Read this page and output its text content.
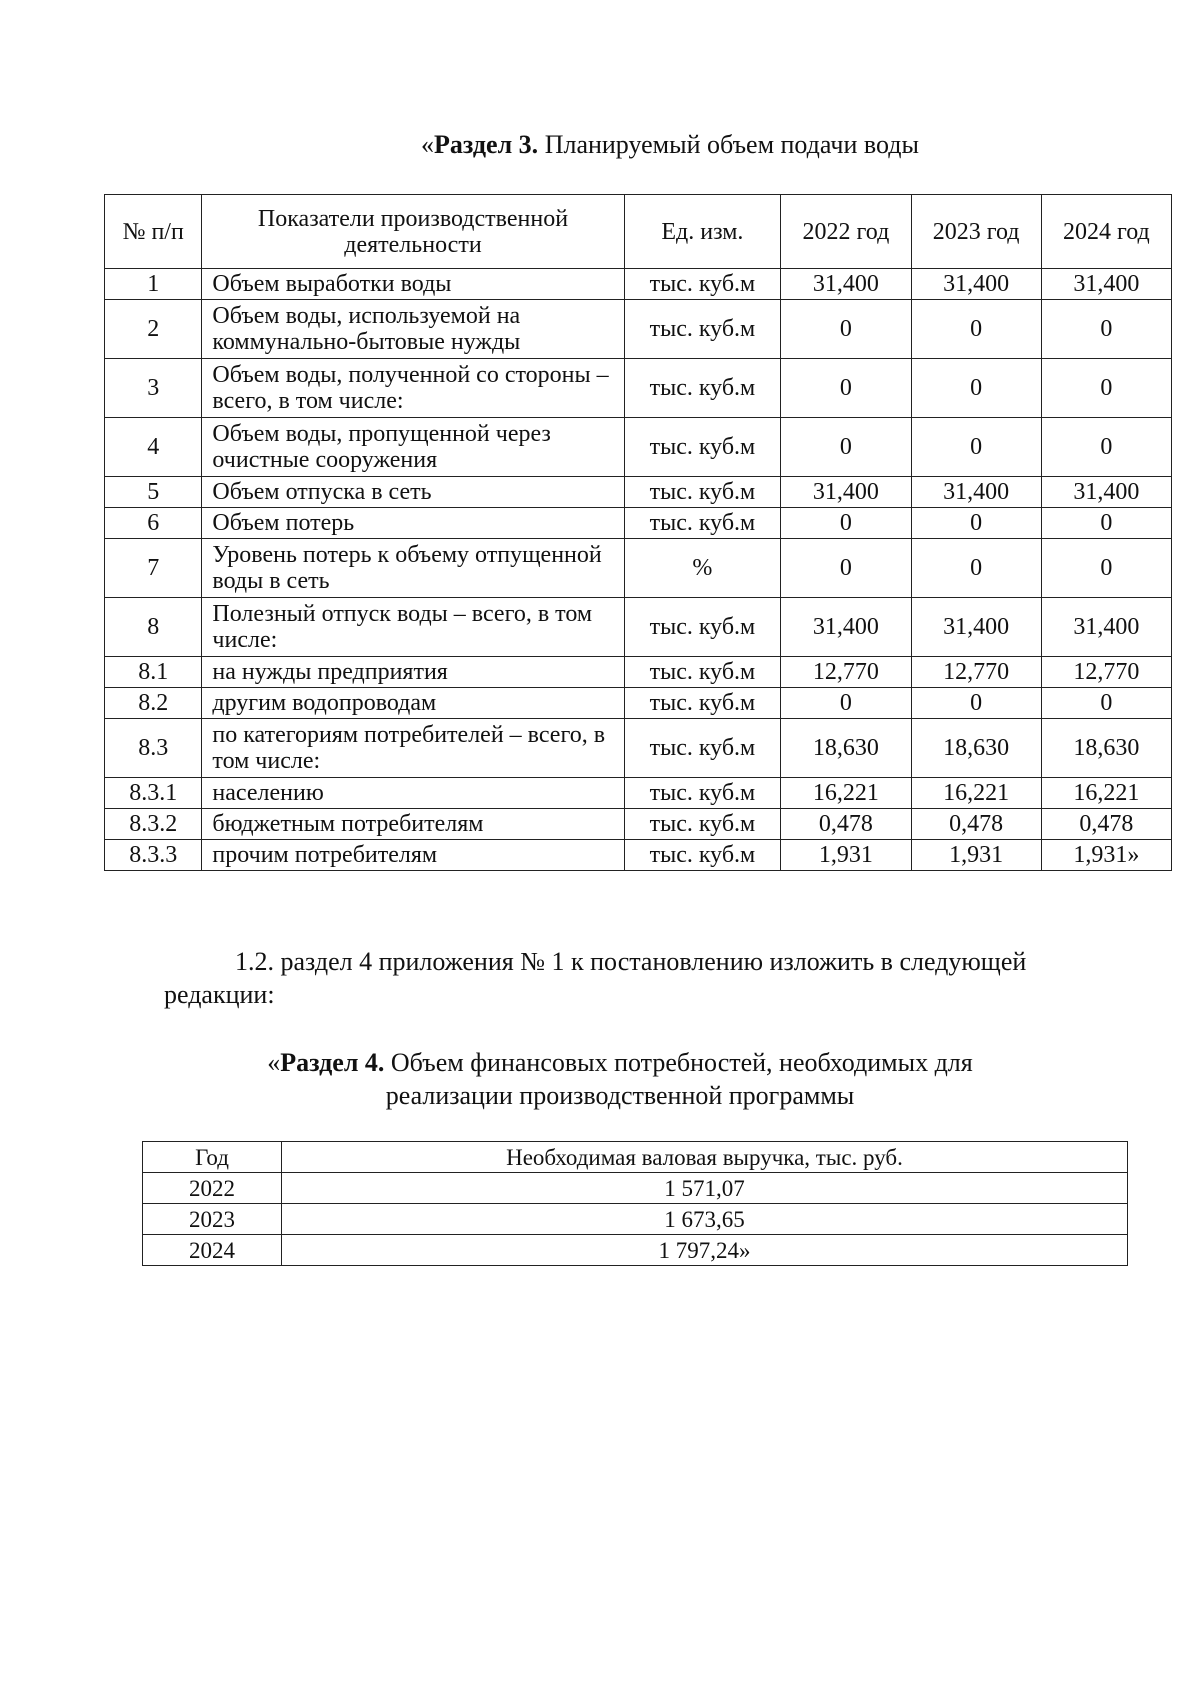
«Раздел 3. Планируемый объем подачи воды
№ п/п	Показатели производственной деятельности	Ед. изм.	2022 год	2023 год	2024 год
1	Объем выработки воды	тыс. куб.м	31,400	31,400	31,400
2	Объем воды, используемой на коммунально-бытовые нужды	тыс. куб.м	0	0	0
3	Объем воды, полученной со стороны – всего, в том числе:	тыс. куб.м	0	0	0
4	Объем воды, пропущенной через очистные сооружения	тыс. куб.м	0	0	0
5	Объем отпуска в сеть	тыс. куб.м	31,400	31,400	31,400
6	Объем потерь	тыс. куб.м	0	0	0
7	Уровень потерь к объему отпущенной воды в сеть	%	0	0	0
8	Полезный отпуск воды – всего, в том числе:	тыс. куб.м	31,400	31,400	31,400
8.1	на нужды предприятия	тыс. куб.м	12,770	12,770	12,770
8.2	другим водопроводам	тыс. куб.м	0	0	0
8.3	по категориям потребителей – всего, в том числе:	тыс. куб.м	18,630	18,630	18,630
8.3.1	населению	тыс. куб.м	16,221	16,221	16,221
8.3.2	бюджетным потребителям	тыс. куб.м	0,478	0,478	0,478
8.3.3	прочим потребителям	тыс. куб.м	1,931	1,931	1,931»
1.2. раздел 4 приложения № 1 к постановлению изложить в следующей
редакции:
«Раздел 4. Объем финансовых потребностей, необходимых для
реализации производственной программы
Год	Необходимая валовая выручка, тыс. руб.
2022	1 571,07
2023	1 673,65
2024	1 797,24»
